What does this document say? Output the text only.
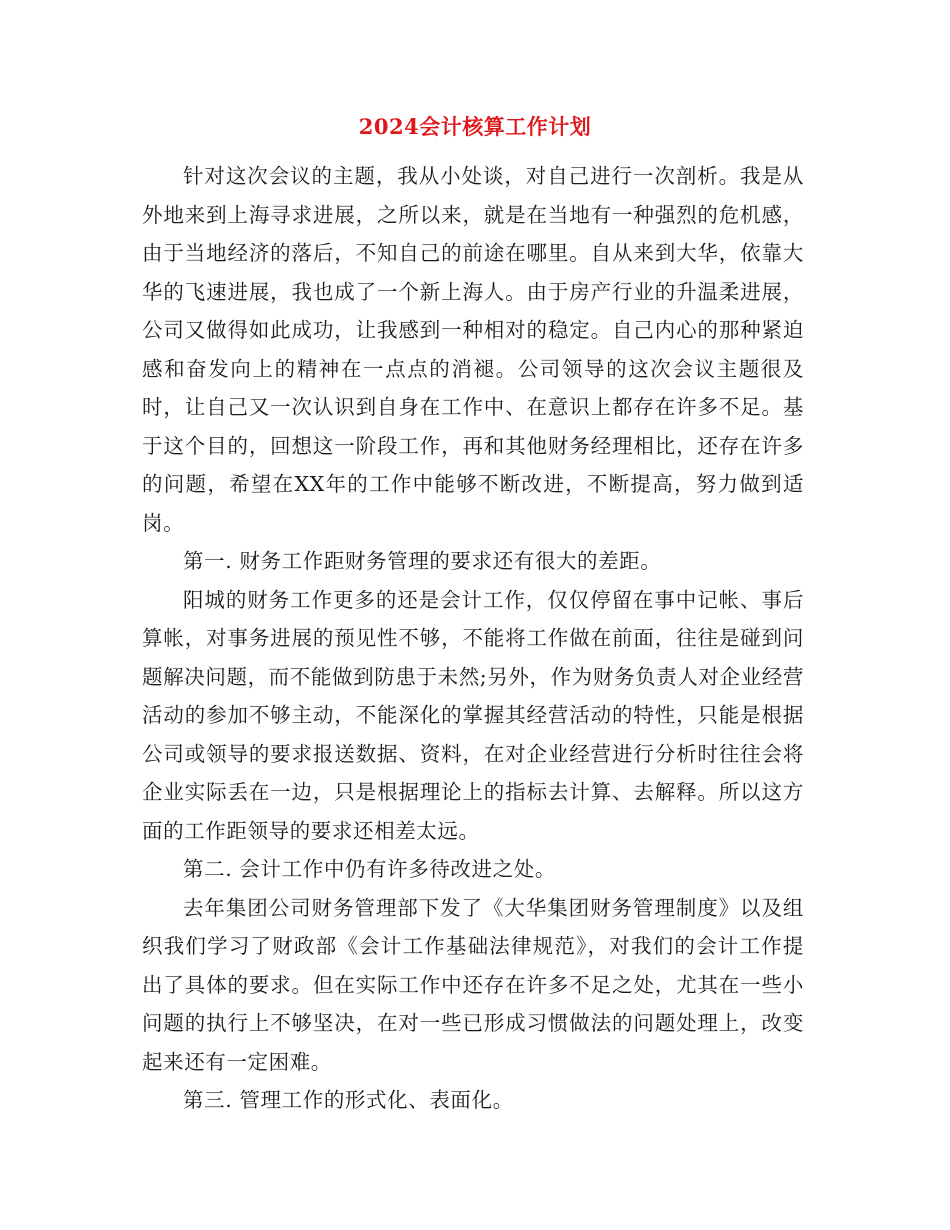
2024会计核算工作计划

针对这次会议的主题，我从小处谈，对自己进行一次剖析。我是从外地来到上海寻求进展，之所以来，就是在当地有一种强烈的危机感，由于当地经济的落后，不知自己的前途在哪里。自从来到大华，依靠大华的飞速进展，我也成了一个新上海人。由于房产行业的升温柔进展，公司又做得如此成功，让我感到一种相对的稳定。自己内心的那种紧迫感和奋发向上的精神在一点点的消褪。公司领导的这次会议主题很及时，让自己又一次认识到自身在工作中、在意识上都存在许多不足。基于这个目的，回想这一阶段工作，再和其他财务经理相比，还存在许多的问题，希望在XX年的工作中能够不断改进，不断提高，努力做到适岗。

第一. 财务工作距财务管理的要求还有很大的差距。

阳城的财务工作更多的还是会计工作，仅仅停留在事中记帐、事后算帐，对事务进展的预见性不够，不能将工作做在前面，往往是碰到问题解决问题，而不能做到防患于未然;另外，作为财务负责人对企业经营活动的参加不够主动，不能深化的掌握其经营活动的特性，只能是根据公司或领导的要求报送数据、资料，在对企业经营进行分析时往往会将企业实际丢在一边，只是根据理论上的指标去计算、去解释。所以这方面的工作距领导的要求还相差太远。

第二. 会计工作中仍有许多待改进之处。

去年集团公司财务管理部下发了《大华集团财务管理制度》以及组织我们学习了财政部《会计工作基础法律规范》，对我们的会计工作提出了具体的要求。但在实际工作中还存在许多不足之处，尤其在一些小问题的执行上不够坚决，在对一些已形成习惯做法的问题处理上，改变起来还有一定困难。

第三. 管理工作的形式化、表面化。
